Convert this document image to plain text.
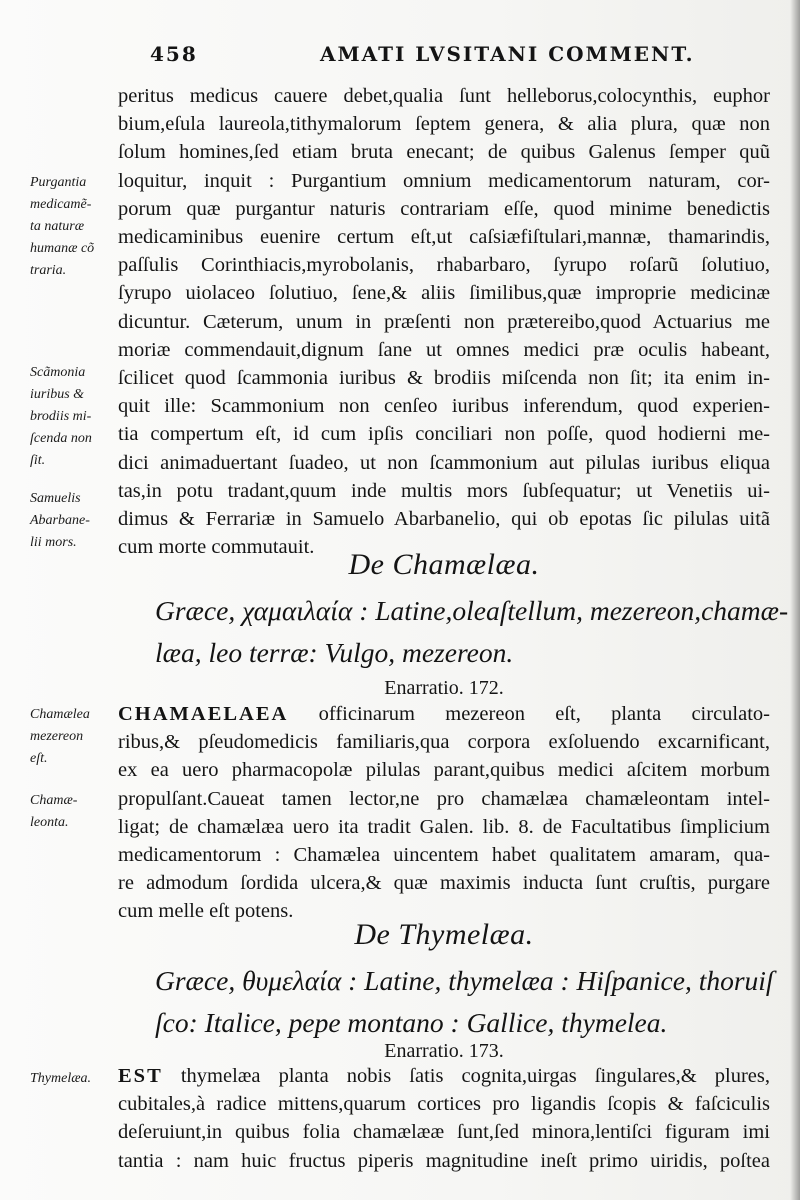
458	AMATI LVSITANI COMMENT.
peritus medicus cauere debet,qualia ſunt helleborus,colocynthis, euphor
bium,eſula laureola,tithymalorum ſeptem genera, & alia plura, quæ non
ſolum homines,ſed etiam bruta enecant; de quibus Galenus ſemper quũ
loquitur, inquit : Purgantium omnium medicamentorum naturam, cor-
porum quæ purgantur naturis contrariam eſſe, quod minime benedictis
medicaminibus euenire certum eſt,ut caſsiæfiſtulari,mannæ, thamarindis,
paſſulis Corinthiacis,myrobolanis, rhabarbaro, ſyrupo roſarũ ſolutiuo,
ſyrupo uiolaceo ſolutiuo, ſene,& aliis ſimilibus,quæ improprie medicinæ
dicuntur. Cæterum, unum in præſenti non prætereibo,quod Actuarius me
moriæ commendauit,dignum ſane ut omnes medici præ oculis habeant,
ſcilicet quod ſcammonia iuribus & brodiis miſcenda non ſit; ita enim in-
quit ille: Scammonium non cenſeo iuribus inferendum, quod experien-
tia compertum eſt, id cum ipſis conciliari non poſſe, quod hodierni me-
dici animaduertant ſuadeo, ut non ſcammonium aut pilulas iuribus eliqua
tas,in potu tradant,quum inde multis mors ſubſequatur; ut Venetiis ui-
dimus & Ferrariæ in Samuelo Abarbanelio, qui ob epotas ſic pilulas uitã
cum morte commutauit.
Purgantia
medicamẽ-
ta naturæ
humanæ cõ
traria.
Scãmonia
iuribus &
brodiis mi-
ſcenda non
ſit.
Samuelis
Abarbane-
lii mors.
Chamælea
mezereon
eſt.
Chamæ-
leonta.
Thymelæa.
De Chamælæa.
Græce, χαμαιλαία : Latine,oleaſtellum, mezereon,chamæ-
læa, leo terræ: Vulgo, mezereon.
Enarratio. 172.
CHAMAELAEA officinarum mezereon eſt, planta circulato-
ribus,& pſeudomedicis familiaris,qua corpora exſoluendo excarnificant,
ex ea uero pharmacopolæ pilulas parant,quibus medici aſcitem morbum
propulſant.Caueat tamen lector,ne pro chamælæa chamæleontam intel-
ligat; de chamælæa uero ita tradit Galen. lib. 8. de Facultatibus ſimplicium
medicamentorum : Chamælea uincentem habet qualitatem amaram, qua-
re admodum ſordida ulcera,& quæ maximis inducta ſunt cruſtis, purgare
cum melle eſt potens.
De Thymelæa.
Græce, θυμελαία : Latine, thymelæa : Hiſpanice, thoruiſ
ſco: Italice, pepe montano : Gallice, thymelea.
Enarratio. 173.
EST thymelæa planta nobis ſatis cognita,uirgas ſingulares,& plures,
cubitales,à radice mittens,quarum cortices pro ligandis ſcopis & faſciculis
deſeruiunt,in quibus folia chamælææ ſunt,ſed minora,lentiſci figuram imi
tantia : nam huic fructus piperis magnitudine ineſt primo uiridis, poſtea
